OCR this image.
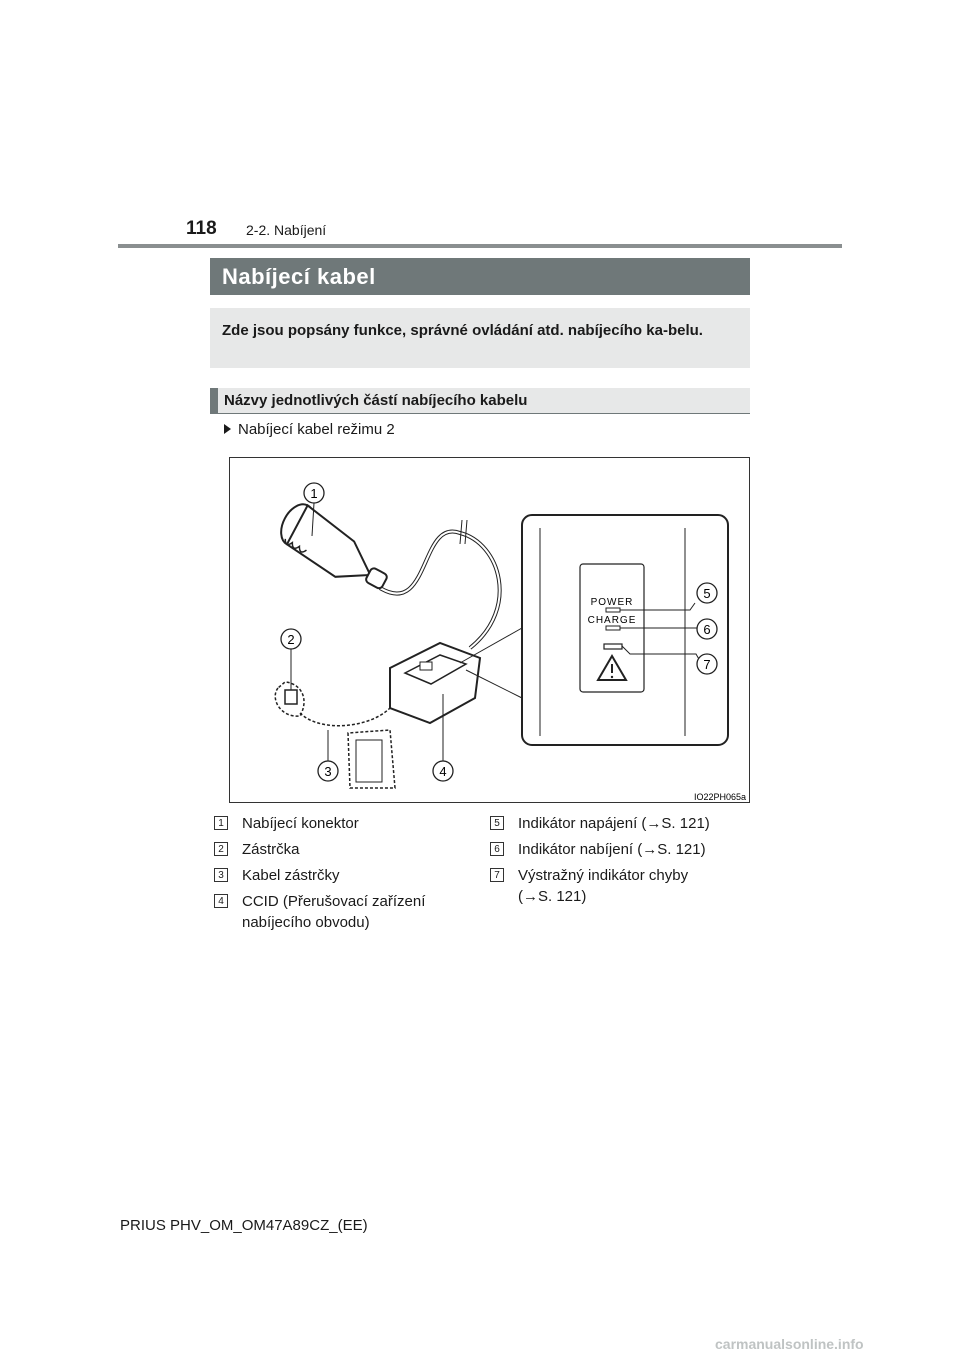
118 2-2. Nabíjení
Nabíjecí kabel
Zde jsou popsány funkce, správné ovládání atd. nabíjecího ka-belu.
Názvy jednotlivých částí nabíjecího kabelu
Nabíjecí kabel režimu 2
POWER
CHARGE
1
2
3	4
5
6
7
IO22PH065a
1 Nabíjecí konektor
2 Zástrčka
3 Kabel zástrčky
4 CCID (Přerušovací zařízení nabíjecího obvodu)
5 Indikátor napájení (→S. 121)
6 Indikátor nabíjení (→S. 121)
7 Výstražný indikátor chyby (→S. 121)
PRIUS PHV_OM_OM47A89CZ_(EE)
carmanualsonline.info
